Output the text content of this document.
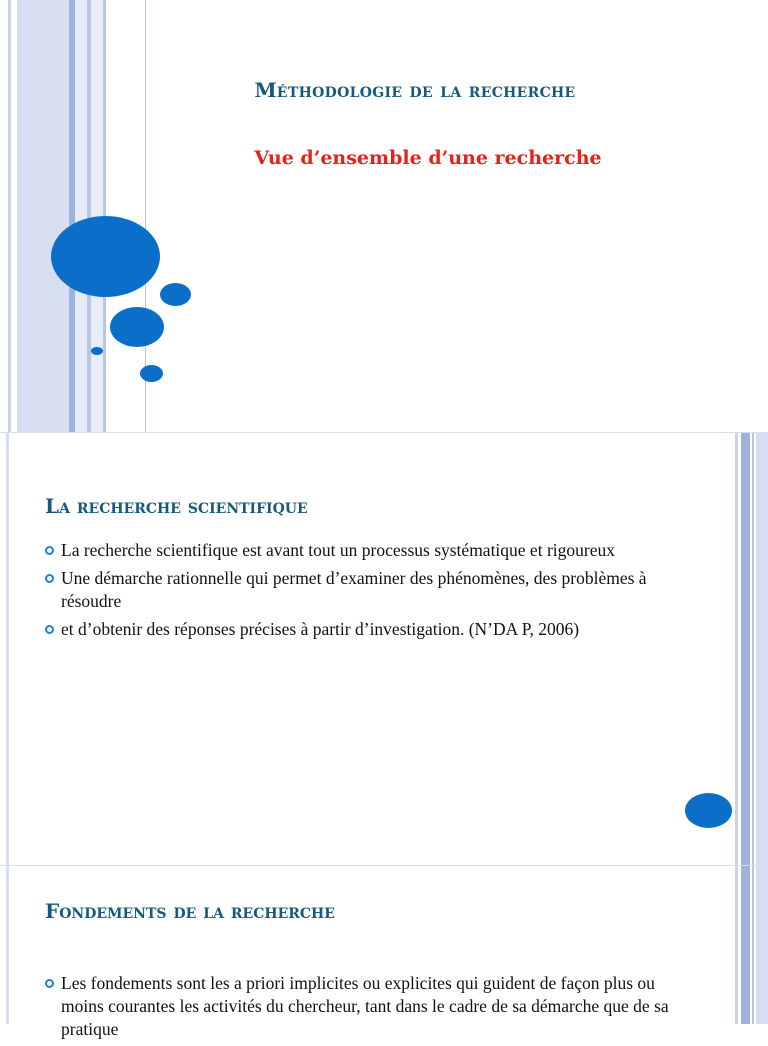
Méthodologie de la recherche
Vue d’ensemble d’une recherche
La recherche scientifique
La recherche scientifique est avant tout un processus systématique et rigoureux
Une démarche rationnelle qui permet d’examiner des phénomènes, des problèmes à résoudre
et d’obtenir des réponses précises à partir d’investigation. (N’DA P, 2006)
Fondements de la recherche
Les fondements sont les a priori implicites ou explicites qui guident de façon plus ou moins courantes les activités du chercheur, tant dans le cadre de sa démarche que de sa pratique
